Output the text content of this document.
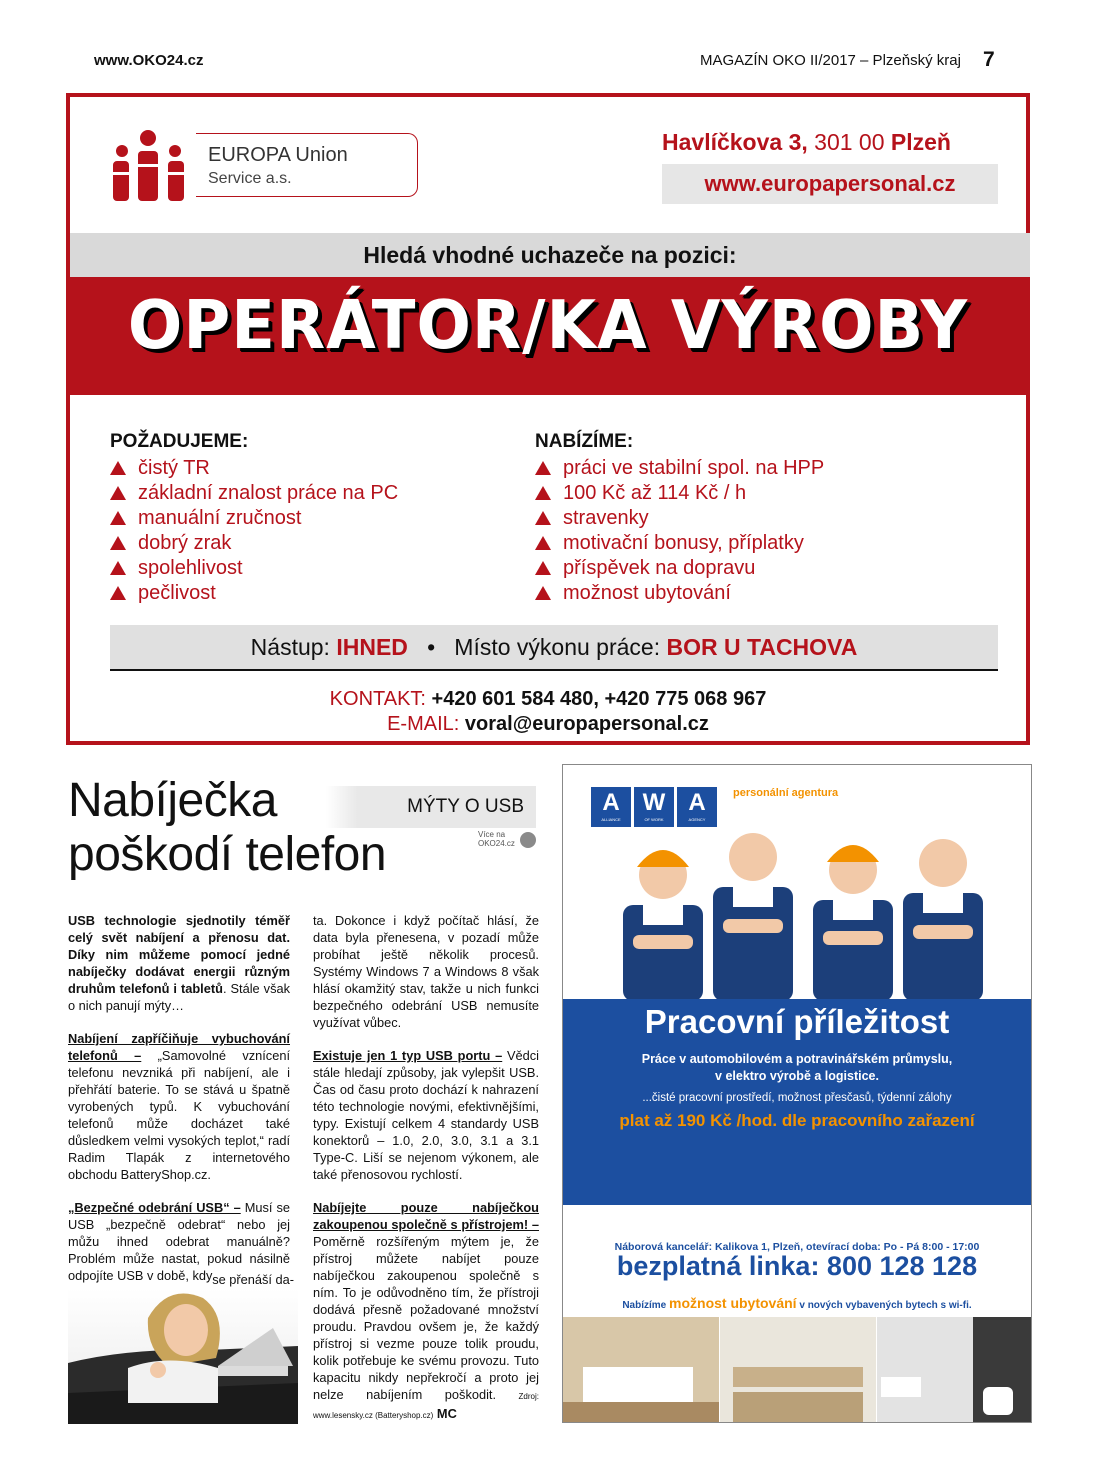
www.OKO24.cz	MAGAZÍN OKO II/2017 – Plzeňský kraj 7
EUROPA Union
Service a.s.
Havlíčkova 3, 301 00 Plzeň
www.europapersonal.cz
Hledá vhodné uchazeče na pozici:
OPERÁTOR/KA VÝROBY
POŽADUJEME:
čistý TR
základní znalost práce na PC
manuální zručnost
dobrý zrak
spolehlivost
pečlivost
NABÍZÍME:
práci ve stabilní spol. na HPP
100 Kč až 114 Kč / h
stravenky
motivační bonusy, příplatky
příspěvek na dopravu
možnost ubytování
Nástup: IHNED • Místo výkonu práce: BOR U TACHOVA
KONTAKT: +420 601 584 480, +420 775 068 967
E-MAIL: voral@europapersonal.cz
Nabíječka
poškodí telefon
MÝTY O USB
Více na
OKO24.cz

USB technologie sjednotily téměř celý svět nabíjení a přenosu dat. Díky nim můžeme pomocí jedné nabíječky dodávat energii různým druhům telefonů i tabletů. Stále však o nich panují mýty…

Nabíjení zapříčiňuje vybuchování telefonů – „Samovolné vznícení telefonu nevzniká při nabíjení, ale i přehřátí baterie. To se stává u špatně vyrobených typů. K vybuchování telefonů může docházet také důsledkem velmi vysokých teplot,“ radí Radim Tlapák z internetového obchodu BatteryShop.cz.

„Bezpečné odebrání USB“ – Musí se USB „bezpečně odebrat“ nebo jej můžu ihned odebrat manuálně? Problém může nastat, pokud násilně odpojíte USB v době, kdy se přenáší da-

ta. Dokonce i když počítač hlásí, že data byla přenesena, v pozadí může probíhat ještě několik procesů. Systémy Windows 7 a Windows 8 však hlásí okamžitý stav, takže u nich funkci bezpečného odebrání USB nemusíte využívat vůbec.

Existuje jen 1 typ USB portu – Vědci stále hledají způsoby, jak vylepšit USB. Čas od času proto dochází k nahrazení této technologie novými, efektivnějšími, typy. Existují celkem 4 standardy USB konektorů – 1.0, 2.0, 3.0, 3.1 a 3.1 Type-C. Liší se nejenom výkonem, ale také přenosovou rychlostí.

Nabíjejte pouze nabíječkou zakoupenou společně s přístrojem! – Poměrně rozšířeným mýtem je, že přístroj můžete nabíjet pouze nabíječkou zakoupenou společně s ním. To je odůvodněno tím, že přístroji dodává přesně požadované množství proudu. Pravdou ovšem je, že každý přístroj si vezme pouze tolik proudu, kolik potřebuje ke svému provozu. Tuto kapacitu nikdy nepřekročí a proto jej nelze nabíjením poškodit.	Zdroj: www.lesensky.cz (Batteryshop.cz) MC

A W A
ALLIANCE	OF WORK	AGENCY
personální agentura
Pracovní příležitost
Práce v automobilovém a potravinářském průmyslu,
v elektro výrobě a logistice.
...čisté pracovní prostředí, možnost přesčasů, týdenní zálohy
plat až 190 Kč /hod. dle pracovního zařazení
Náborová kancelář: Kalikova 1, Plzeň, otevírací doba: Po - Pá 8:00 - 17:00
bezplatná linka: 800 128 128
Nabízíme možnost ubytování v nových vybavených bytech s wi-fi.
